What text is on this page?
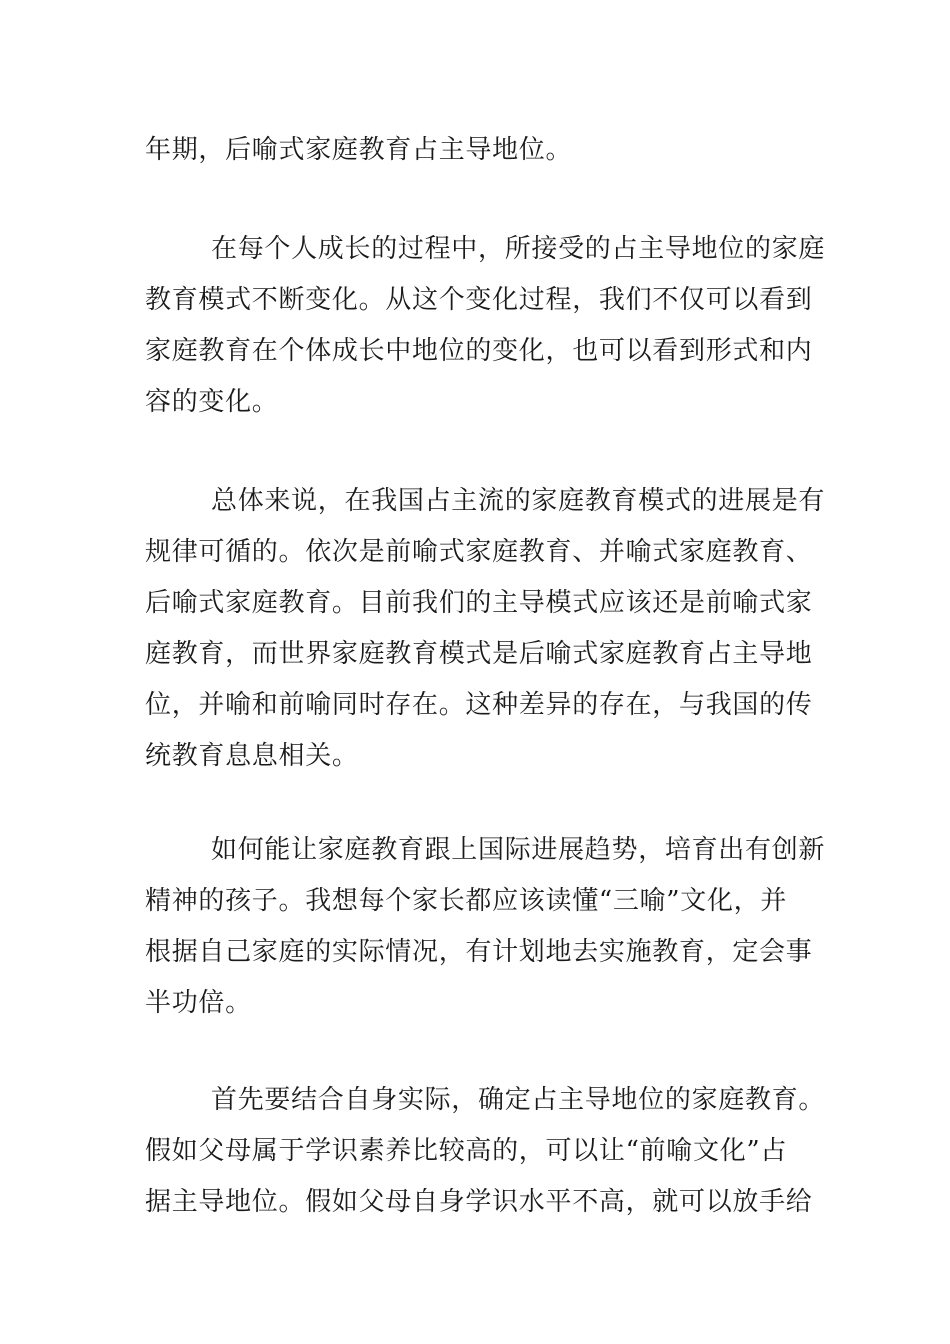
年期，后喻式家庭教育占主导地位。
在每个人成长的过程中，所接受的占主导地位的家庭
教育模式不断变化。从这个变化过程，我们不仅可以看到
家庭教育在个体成长中地位的变化，也可以看到形式和内
容的变化。
总体来说，在我国占主流的家庭教育模式的进展是有
规律可循的。依次是前喻式家庭教育、并喻式家庭教育、
后喻式家庭教育。目前我们的主导模式应该还是前喻式家
庭教育，而世界家庭教育模式是后喻式家庭教育占主导地
位，并喻和前喻同时存在。这种差异的存在，与我国的传
统教育息息相关。
如何能让家庭教育跟上国际进展趋势，培育出有创新
精神的孩子。我想每个家长都应该读懂“三喻”文化，并
根据自己家庭的实际情况，有计划地去实施教育，定会事
半功倍。
首先要结合自身实际，确定占主导地位的家庭教育。
假如父母属于学识素养比较高的，可以让“前喻文化”占
据主导地位。假如父母自身学识水平不高，就可以放手给
